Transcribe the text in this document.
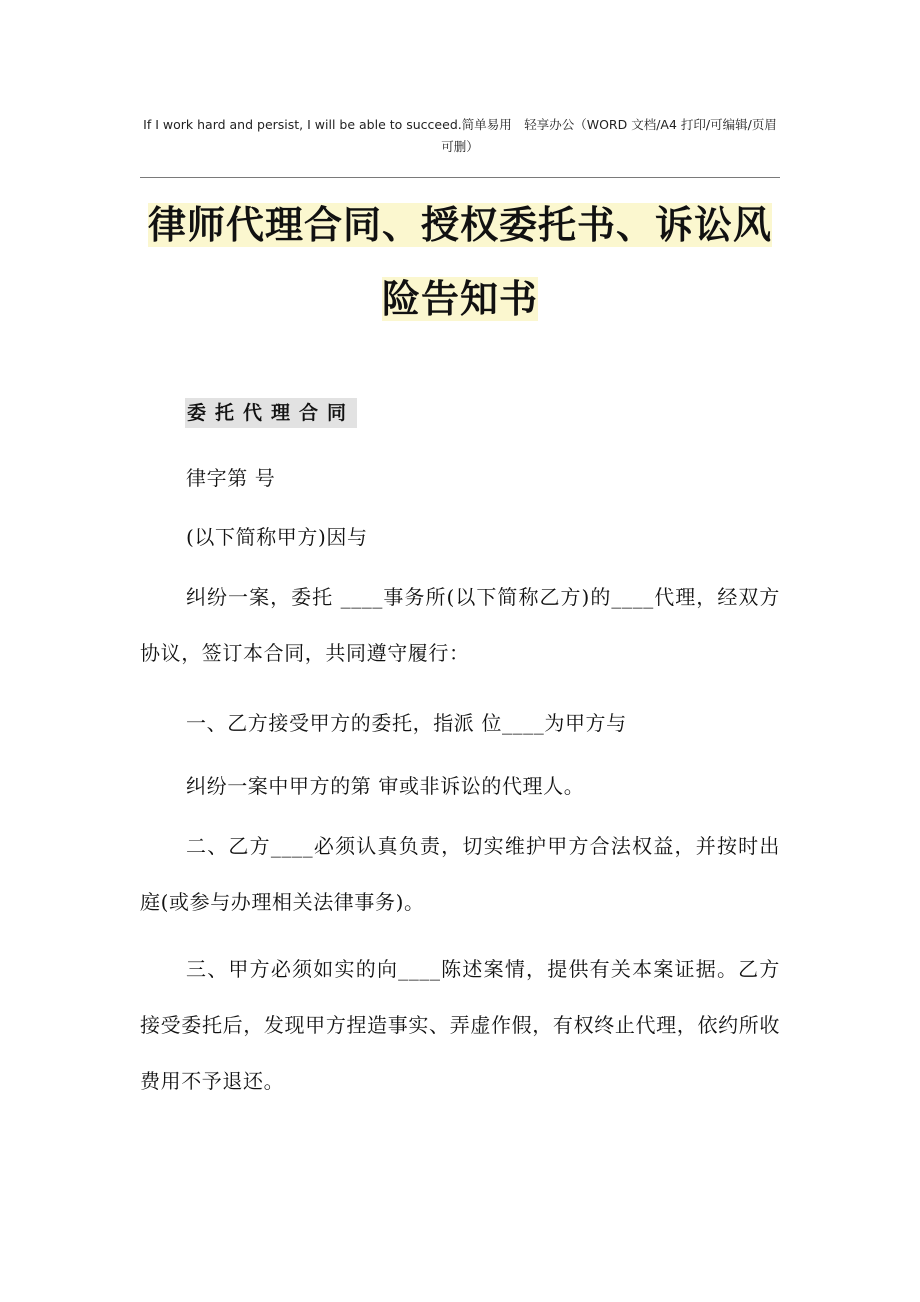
If I work hard and persist, I will be able to succeed.简单易用　轻享办公（WORD 文档/A4 打印/可编辑/页眉可删）
律师代理合同、授权委托书、诉讼风险告知书
委托代理合同
律字第 号
(以下简称甲方)因与
纠纷一案，委托 ____事务所(以下简称乙方)的____代理，经双方协议，签订本合同，共同遵守履行：
一、乙方接受甲方的委托，指派 位____为甲方与
纠纷一案中甲方的第 审或非诉讼的代理人。
二、乙方____必须认真负责，切实维护甲方合法权益，并按时出庭(或参与办理相关法律事务)。
三、甲方必须如实的向____陈述案情，提供有关本案证据。乙方接受委托后，发现甲方捏造事实、弄虚作假，有权终止代理，依约所收费用不予退还。
